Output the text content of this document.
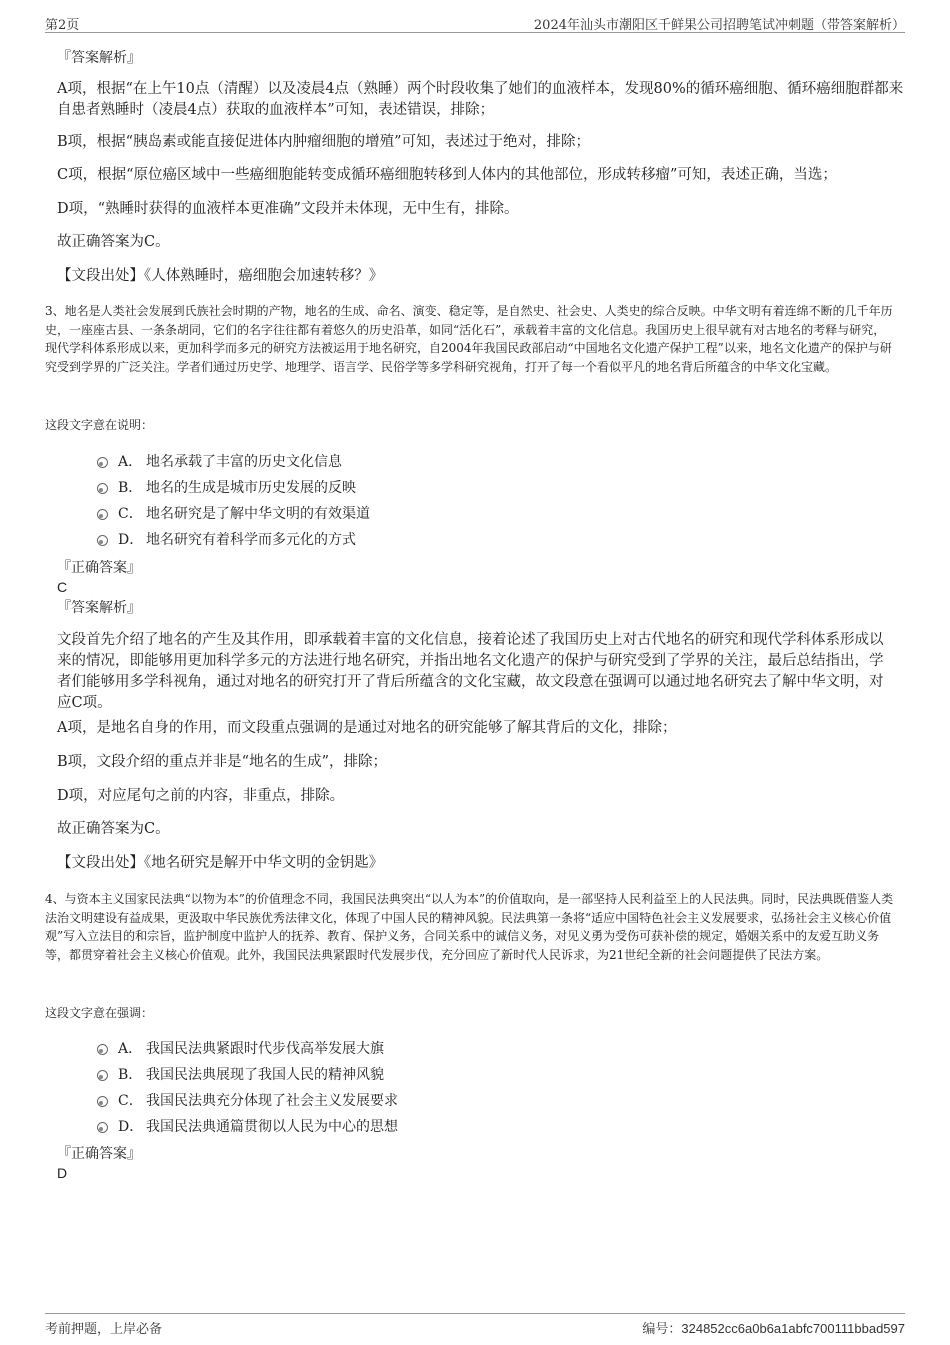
第2页	2024年汕头市潮阳区千鲜果公司招聘笔试冲刺题（带答案解析）
『答案解析』
A项，根据“在上午10点（清醒）以及凌晨4点（熟睡）两个时段收集了她们的血液样本，发现80%的循环癌细胞、循环癌细胞群都来自患者熟睡时（凌晨4点）获取的血液样本”可知，表述错误，排除；
B项，根据“胰岛素或能直接促进体内肿瘤细胞的增殖”可知，表述过于绝对，排除；
C项，根据“原位癌区域中一些癌细胞能转变成循环癌细胞转移到人体内的其他部位，形成转移瘤”可知，表述正确，当选；
D项，“熟睡时获得的血液样本更准确”文段并未体现，无中生有，排除。
故正确答案为C。
【文段出处】《人体熟睡时，癌细胞会加速转移？》
3、地名是人类社会发展到氏族社会时期的产物，地名的生成、命名、演变、稳定等，是自然史、社会史、人类史的综合反映。中华文明有着连绵不断的几千年历史，一座座古县、一条条胡同，它们的名字往往都有着悠久的历史沿革，如同“活化石”，承载着丰富的文化信息。我国历史上很早就有对古地名的考释与研究，现代学科体系形成以来，更加科学而多元的研究方法被运用于地名研究，自2004年我国民政部启动“中国地名文化遗产保护工程”以来，地名文化遗产的保护与研究受到学界的广泛关注。学者们通过历史学、地理学、语言学、民俗学等多学科研究视角，打开了每一个看似平凡的地名背后所蕴含的中华文化宝藏。
这段文字意在说明：
A． 地名承载了丰富的历史文化信息
B． 地名的生成是城市历史发展的反映
C． 地名研究是了解中华文明的有效渠道
D． 地名研究有着科学而多元化的方式
『正确答案』
C
『答案解析』
文段首先介绍了地名的产生及其作用，即承载着丰富的文化信息，接着论述了我国历史上对古代地名的研究和现代学科体系形成以来的情况，即能够用更加科学多元的方法进行地名研究，并指出地名文化遗产的保护与研究受到了学界的关注，最后总结指出，学者们能够用多学科视角，通过对地名的研究打开了背后所蕴含的文化宝藏，故文段意在强调可以通过地名研究去了解中华文明，对应C项。
A项，是地名自身的作用，而文段重点强调的是通过对地名的研究能够了解其背后的文化，排除；
B项，文段介绍的重点并非是“地名的生成”，排除；
D项，对应尾句之前的内容，非重点，排除。
故正确答案为C。
【文段出处】《地名研究是解开中华文明的金钥匙》
4、与资本主义国家民法典“以物为本”的价值理念不同，我国民法典突出“以人为本”的价值取向，是一部坚持人民利益至上的人民法典。同时，民法典既借鉴人类法治文明建设有益成果，更汲取中华民族优秀法律文化，体现了中国人民的精神风貌。民法典第一条将“适应中国特色社会主义发展要求，弘扬社会主义核心价值观”写入立法目的和宗旨，监护制度中监护人的抚养、教育、保护义务，合同关系中的诚信义务，对见义勇为受伤可获补偿的规定，婚姻关系中的友爱互助义务等，都贯穿着社会主义核心价值观。此外，我国民法典紧跟时代发展步伐，充分回应了新时代人民诉求，为21世纪全新的社会问题提供了民法方案。
这段文字意在强调：
A． 我国民法典紧跟时代步伐高举发展大旗
B． 我国民法典展现了我国人民的精神风貌
C． 我国民法典充分体现了社会主义发展要求
D． 我国民法典通篇贯彻以人民为中心的思想
『正确答案』
D
考前押题，上岸必备	编号：324852cc6a0b6a1abfc700111bbad597
